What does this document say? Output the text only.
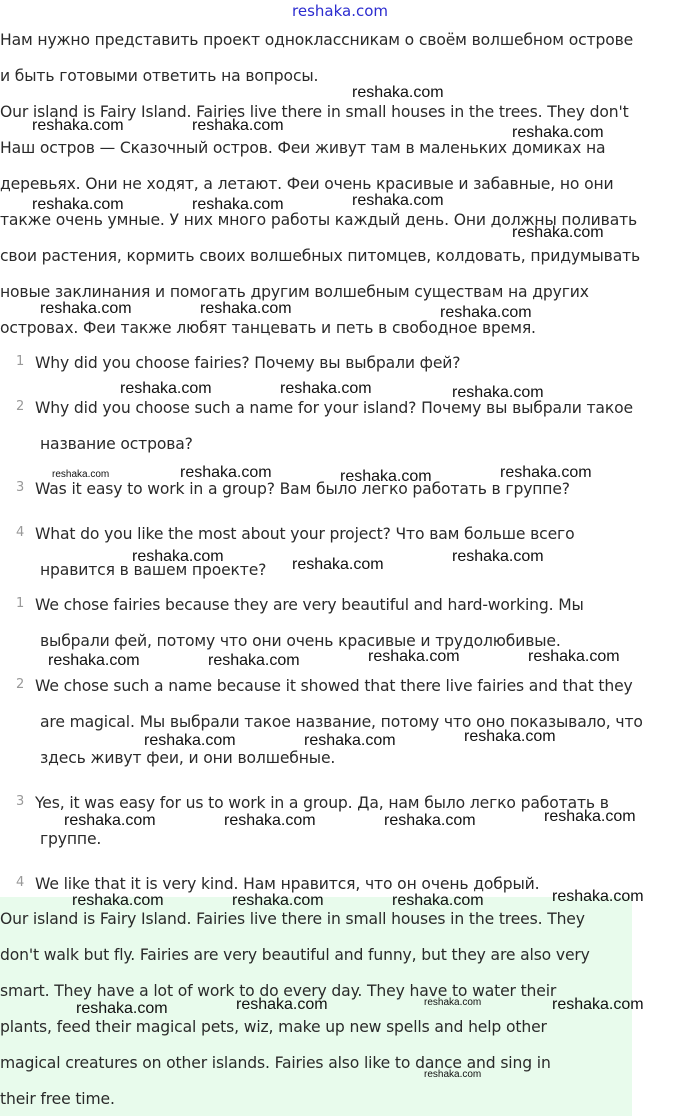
reshaka.com
Нам нужно представить проект одноклассникам о своём волшебном острове
и быть готовыми ответить на вопросы.
Our island is Fairy Island. Fairies live there in small houses in the trees. They don't
Наш остров — Сказочный остров. Феи живут там в маленьких домиках на
деревьях. Они не ходят, а летают. Феи очень красивые и забавные, но они
также очень умные. У них много работы каждый день. Они должны поливать
свои растения, кормить своих волшебных питомцев, колдовать, придумывать
новые заклинания и помогать другим волшебным существам на других
островах. Феи также любят танцевать и петь в свободное время.
1 Why did you choose fairies? Почему вы выбрали фей?
2 Why did you choose such a name for your island? Почему вы выбрали такое
название острова?
3 Was it easy to work in a group? Вам было легко работать в группе?
4 What do you like the most about your project? Что вам больше всего
нравится в вашем проекте?
1 We chose fairies because they are very beautiful and hard-working. Мы
выбрали фей, потому что они очень красивые и трудолюбивые.
2 We chose such a name because it showed that there live fairies and that they
are magical. Мы выбрали такое название, потому что оно показывало, что
здесь живут феи, и они волшебные.
3 Yes, it was easy for us to work in a group. Да, нам было легко работать в
группе.
4 We like that it is very kind. Нам нравится, что он очень добрый.
Our island is Fairy Island. Fairies live there in small houses in the trees. They
don't walk but fly. Fairies are very beautiful and funny, but they are also very
smart. They have a lot of work to do every day. They have to water their
plants, feed their magical pets, wiz, make up new spells and help other
magical creatures on other islands. Fairies also like to dance and sing in
their free time.
reshaka.com
reshaka.com	reshaka.com	reshaka.com
reshaka.com
reshaka.com	reshaka.com
reshaka.com
reshaka.com	reshaka.com	reshaka.com
reshaka.com	reshaka.com	reshaka.com
reshaka.com	reshaka.com	reshaka.com	reshaka.com
reshaka.com	reshaka.com	reshaka.com
reshaka.com	reshaka.com	reshaka.com	reshaka.com
reshaka.com	reshaka.com	reshaka.com
reshaka.com	reshaka.com	reshaka.com	reshaka.com
reshaka.com
reshaka.com	reshaka.com	reshaka.com
reshaka.com	reshaka.com	reshaka.com	reshaka.com
reshaka.com
